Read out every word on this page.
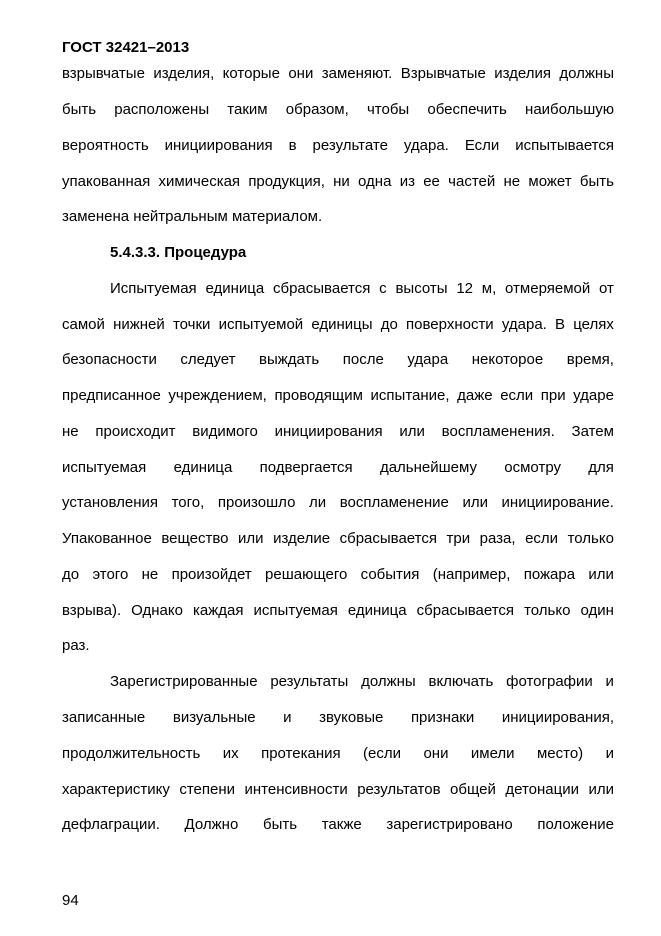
ГОСТ 32421–2013
взрывчатые изделия, которые они заменяют. Взрывчатые изделия должны
быть расположены таким образом, чтобы обеспечить наибольшую
вероятность инициирования в результате удара. Если испытывается
упакованная химическая продукция, ни одна из ее частей не может быть
заменена нейтральным материалом.
5.4.3.3. Процедура
Испытуемая единица сбрасывается с высоты 12 м, отмеряемой от
самой нижней точки испытуемой единицы до поверхности удара. В целях
безопасности следует выждать после удара некоторое время,
предписанное учреждением, проводящим испытание, даже если при ударе
не происходит видимого инициирования или воспламенения. Затем
испытуемая единица подвергается дальнейшему осмотру для
установления того, произошло ли воспламенение или инициирование.
Упакованное вещество или изделие сбрасывается три раза, если только
до этого не произойдет решающего события (например, пожара или
взрыва). Однако каждая испытуемая единица сбрасывается только один
раз.
Зарегистрированные результаты должны включать фотографии и
записанные визуальные и звуковые признаки инициирования,
продолжительность их протекания (если они имели место) и
характеристику степени интенсивности результатов общей детонации или
дефлаграции. Должно быть также зарегистрировано положение
94
